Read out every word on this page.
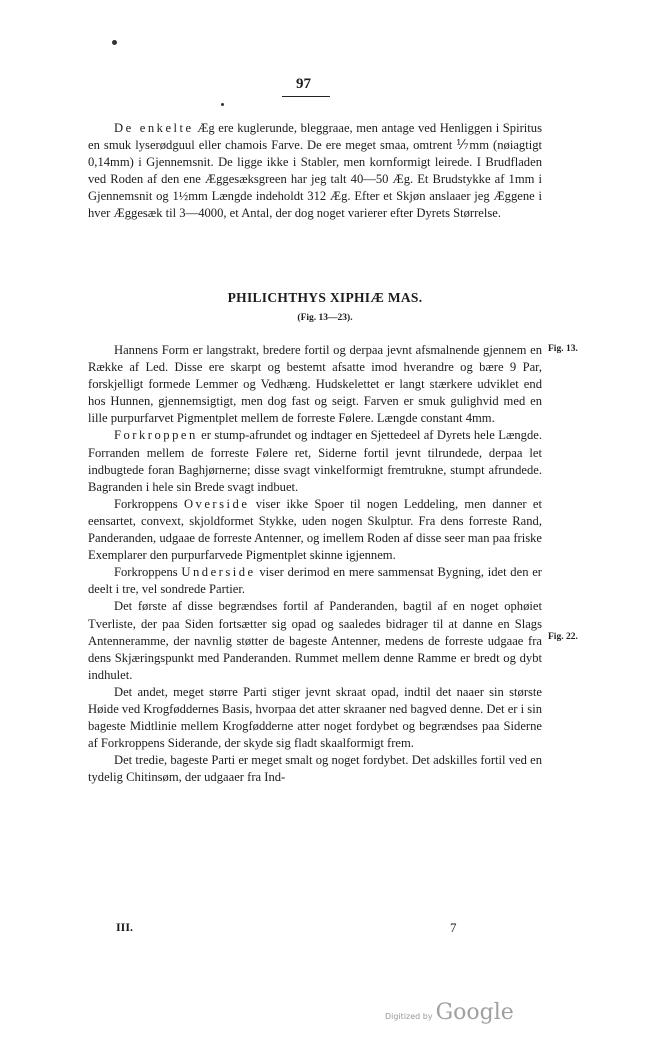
97

De enkelte Æg ere kuglerunde, bleggraae, men antage ved Henliggen i Spiritus en smuk lyserødguul eller chamois Farve. De ere meget smaa, omtrent ⅐mm (nøiagtigt 0,14mm) i Gjennemsnit. De ligge ikke i Stabler, men kornformigt leirede. I Brudfladen ved Roden af den ene Æggesæksgreen har jeg talt 40—50 Æg. Et Brudstykke af 1mm i Gjennemsnit og 1½mm Længde indeholdt 312 Æg. Efter et Skjøn anslaaer jeg Æggene i hver Æggesæk til 3—4000, et Antal, der dog noget varierer efter Dyrets Størrelse.

PHILICHTHYS XIPHIÆ MAS.
(Fig. 13—23).

Hannens Form er langstrakt, bredere fortil og derpaa jevnt afsmalnende gjennem en Række af Led. Disse ere skarpt og bestemt afsatte imod hverandre og bære 9 Par, forskjelligt formede Lemmer og Vedhæng. Hudskelettet er langt stærkere udviklet end hos Hunnen, gjennemsigtigt, men dog fast og seigt. Farven er smuk gulighvid med en lille purpurfarvet Pigmentplet mellem de forreste Følere. Længde constant 4mm.

Forkroppen er stump-afrundet og indtager en Sjettedeel af Dyrets hele Længde. Forranden mellem de forreste Følere ret, Siderne fortil jevnt tilrundede, derpaa let indbugtede foran Baghjørnerne; disse svagt vinkelformigt fremtrukne, stumpt afrundede. Bagranden i hele sin Brede svagt indbuet.

Forkroppens Overside viser ikke Spoer til nogen Leddeling, men danner et eensartet, convext, skjoldformet Stykke, uden nogen Skulptur. Fra dens forreste Rand, Panderanden, udgaae de forreste Antenner, og imellem Roden af disse seer man paa friske Exemplarer den purpurfarvede Pigmentplet skinne igjennem.

Forkroppens Underside viser derimod en mere sammensat Bygning, idet den er deelt i tre, vel sondrede Partier.

Det første af disse begrændses fortil af Panderanden, bagtil af en noget ophøiet Tverliste, der paa Siden fortsætter sig opad og saaledes bidrager til at danne en Slags Antenneramme, der navnlig støtter de bageste Antenner, medens de forreste udgaae fra dens Skjæringspunkt med Panderanden. Rummet mellem denne Ramme er bredt og dybt indhulet.

Det andet, meget større Parti stiger jevnt skraat opad, indtil det naaer sin største Høide ved Krogføddernes Basis, hvorpaa det atter skraaner ned bagved denne. Det er i sin bageste Midtlinie mellem Krogfødderne atter noget fordybet og begrændses paa Siderne af Forkroppens Siderande, der skyde sig fladt skaalformigt frem.

Det tredie, bageste Parti er meget smalt og noget fordybet. Det adskilles fortil ved en tydelig Chitinsøm, der udgaaer fra Ind-

Fig. 13.
Fig. 22.
III.	7
Digitized by Google
